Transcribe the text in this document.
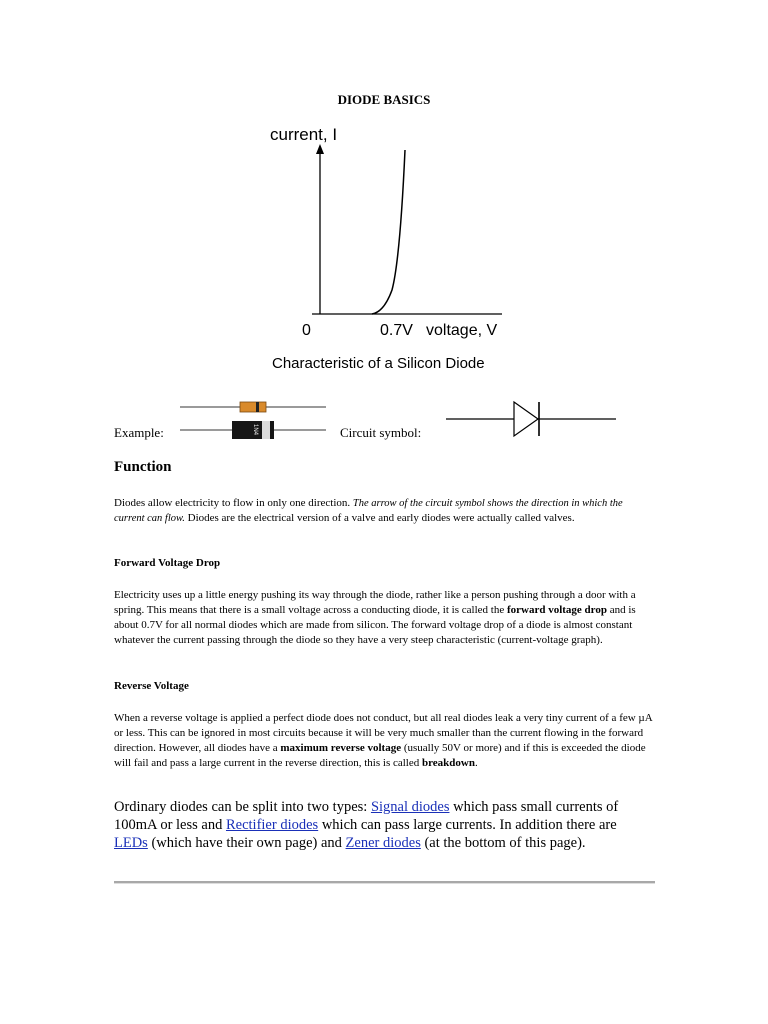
DIODE BASICS
current, I
0	0.7V voltage, V
Characteristic of a Silicon Diode
Example:	1N4	Circuit symbol:
Function
Diodes allow electricity to flow in only one direction. The arrow of the circuit symbol shows the direction in which the current can flow. Diodes are the electrical version of a valve and early diodes were actually called valves.
Forward Voltage Drop
Electricity uses up a little energy pushing its way through the diode, rather like a person pushing through a door with a spring. This means that there is a small voltage across a conducting diode, it is called the forward voltage drop and is about 0.7V for all normal diodes which are made from silicon. The forward voltage drop of a diode is almost constant whatever the current passing through the diode so they have a very steep characteristic (current-voltage graph).
Reverse Voltage
When a reverse voltage is applied a perfect diode does not conduct, but all real diodes leak a very tiny current of a few µA or less. This can be ignored in most circuits because it will be very much smaller than the current flowing in the forward direction. However, all diodes have a maximum reverse voltage (usually 50V or more) and if this is exceeded the diode will fail and pass a large current in the reverse direction, this is called breakdown.
Ordinary diodes can be split into two types: Signal diodes which pass small currents of 100mA or less and Rectifier diodes which can pass large currents. In addition there are LEDs (which have their own page) and Zener diodes (at the bottom of this page).
